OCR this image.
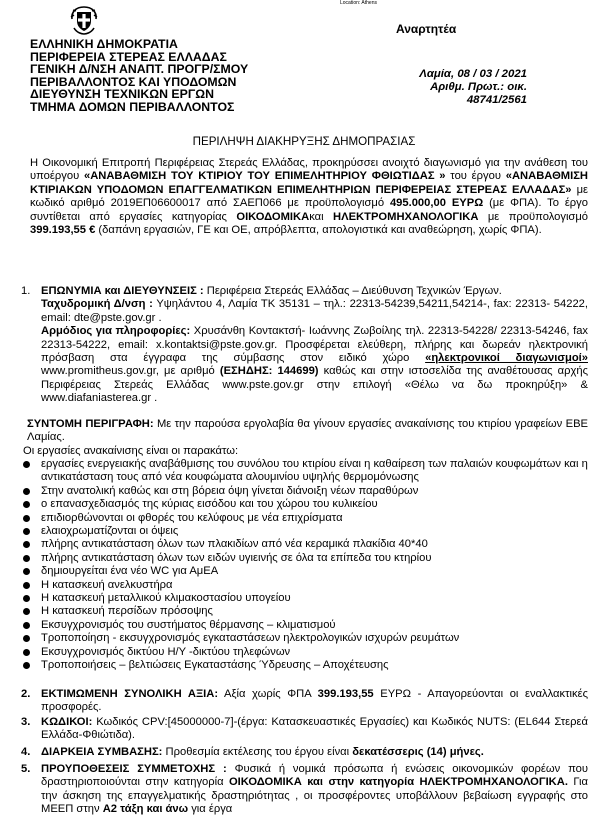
Location: Athens
Αναρτητέα
ΕΛΛΗΝΙΚΗ ΔΗΜΟΚΡΑΤΙΑ
ΠΕΡΙΦΕΡΕΙΑ ΣΤΕΡΕΑΣ ΕΛΛΑΔΑΣ
ΓΕΝΙΚΗ Δ/ΝΣΗ ΑΝΑΠΤ. ΠΡΟΓΡ/ΣΜΟΥ
ΠΕΡΙΒΑΛΛΟΝΤΟΣ ΚΑΙ ΥΠΟΔΟΜΩΝ
ΔΙΕΥΘΥΝΣΗ ΤΕΧΝΙΚΩΝ ΕΡΓΩΝ
ΤΜΗΜΑ ΔΟΜΩΝ ΠΕΡΙΒΑΛΛΟΝΤΟΣ
Λαμία, 08 / 03 / 2021
Αριθμ. Πρωτ.: οικ. 48741/2561
ΠΕΡΙΛΗΨΗ ΔΙΑΚΗΡΥΞΗΣ ΔΗΜΟΠΡΑΣΙΑΣ
Η Οικονομική Επιτροπή Περιφέρειας Στερεάς Ελλάδας, προκηρύσσει ανοιχτό διαγωνισμό για την ανάθεση του υποέργου «ΑΝΑΒΑΘΜΙΣΗ ΤΟΥ ΚΤΙΡΙΟΥ ΤΟΥ ΕΠΙΜΕΛΗΤΗΡΙΟΥ ΦΘΙΩΤΙΔΑΣ » του έργου «ΑΝΑΒΑΘΜΙΣΗ ΚΤΙΡΙΑΚΩΝ ΥΠΟΔΟΜΩΝ ΕΠΑΓΓΕΛΜΑΤΙΚΩΝ ΕΠΙΜΕΛΗΤΗΡΙΩΝ ΠΕΡΙΦΕΡΕΙΑΣ ΣΤΕΡΕΑΣ ΕΛΛΑΔΑΣ» με κωδικό αριθμό 2019ΕΠ06600017 από ΣΑΕΠ066 με προϋπολογισμό 495.000,00 ΕΥΡΩ (με ΦΠΑ). Το έργο συντίθεται από εργασίες κατηγορίας ΟΙΚΟΔΟΜΙΚΑκαι ΗΛΕΚΤΡΟΜΗΧΑΝΟΛΟΓΙΚΑ με προϋπολογισμό 399.193,55 € (δαπάνη εργασιών, ΓΕ και ΟΕ, απρόβλεπτα, απολογιστικά και αναθεώρηση, χωρίς ΦΠΑ).
1. ΕΠΩΝΥΜΙΑ και ΔΙΕΥΘΥΝΣΕΙΣ : Περιφέρεια Στερεάς Ελλάδας – Διεύθυνση Τεχνικών Έργων.
Ταχυδρομική Δ/νση : Υψηλάντου 4, Λαμία ΤΚ 35131 – τηλ.: 22313-54239,54211,54214-, fax: 22313- 54222, email: dte@pste.gov.gr .
Αρμόδιος για πληροφορίες: Χρυσάνθη Κοντακτσή- Ιωάννης Ζωβοίλης τηλ. 22313-54228/ 22313-54246, fax 22313-54222, email: x.kontaktsi@pste.gov.gr. Προσφέρεται ελεύθερη, πλήρης και δωρεάν ηλεκτρονική πρόσβαση στα έγγραφα της σύμβασης στον ειδικό χώρο «ηλεκτρονικοί διαγωνισμοί» www.promitheus.gov.gr, με αριθμό (ΕΣΗΔΗΣ: 144699) καθώς και στην ιστοσελίδα της αναθέτουσας αρχής Περιφέρειας Στερεάς Ελλάδας www.pste.gov.gr στην επιλογή «Θέλω να δω προκηρύξη» & www.diafaniasterea.gr .
ΣΥΝΤΟΜΗ ΠΕΡΙΓΡΑΦΗ: Με την παρούσα εργολαβία θα γίνουν εργασίες ανακαίνισης του κτιρίου γραφείων ΕΒΕ Λαμίας.
Οι εργασίες ανακαίνισης είναι οι παρακάτω:
εργασίες ενεργειακής αναβάθμισης του συνόλου του κτιρίου είναι η καθαίρεση των παλαιών κουφωμάτων και η αντικατάσταση τους από νέα κουφώματα αλουμινίου υψηλής θερμομόνωσης
Στην ανατολική καθώς και στη βόρεια όψη γίνεται διάνοιξη νέων παραθύρων
ο επανασχεδιασμός της κύριας εισόδου και του χώρου του κυλικείου
επιδιορθώνονται οι φθορές του κελύφους με νέα επιχρίσματα
ελαιοχρωματίζονται οι όψεις
πλήρης αντικατάσταση όλων των πλακιδίων από νέα κεραμικά πλακίδια 40*40
πλήρης αντικατάσταση όλων των ειδών υγιεινής σε όλα τα επίπεδα του κτηρίου
δημιουργείται ένα νέο WC για ΑμΕΑ
Η κατασκευή ανελκυστήρα
Η κατασκευή μεταλλικού κλιμακοστασίου υπογείου
Η κατασκευή περσίδων πρόσοψης
Εκσυγχρονισμός του συστήματος θέρμανσης – κλιματισμού
Τροποποίηση - εκσυγχρονισμός εγκαταστάσεων ηλεκτρολογικών ισχυρών ρευμάτων
Εκσυγχρονισμός δικτύου Η/Υ -δικτύου τηλεφώνων
Τροποποιήσεις – βελτιώσεις Εγκαταστάσης Ύδρευσης – Αποχέτευσης
2. ΕΚΤΙΜΩΜΕΝΗ ΣΥΝΟΛΙΚΗ ΑΞΙΑ: Αξία χωρίς ΦΠΑ 399.193,55 ΕΥΡΩ - Απαγορεύονται οι εναλλακτικές προσφορές.
3. ΚΩΔΙΚΟΙ: Κωδικός CPV:[45000000-7]-(έργα: Κατασκευαστικές Εργασίες) και Κωδικός NUTS: (EL644 Στερεά Ελλάδα-Φθιώτιδα).
4. ΔΙΑΡΚΕΙΑ ΣΥΜΒΑΣΗΣ: Προθεσμία εκτέλεσης του έργου είναι δεκατέσσερις (14) μήνες.
5. ΠΡΟΥΠΟΘΕΣΕΙΣ ΣΥΜΜΕΤΟΧΗΣ : Φυσικά ή νομικά πρόσωπα ή ενώσεις οικονομικών φορέων που δραστηριοποιούνται στην κατηγορία ΟΙΚΟΔΟΜΙΚΑ και στην κατηγορία ΗΛΕΚΤΡΟΜΗΧΑΝΟΛΟΓΙΚΑ. Για την άσκηση της επαγγελματικής δραστηριότητας , οι προσφέροντες υποβάλλουν βεβαίωση εγγραφής στο ΜΕΕΠ στην Α2 τάξη και άνω για έργα
